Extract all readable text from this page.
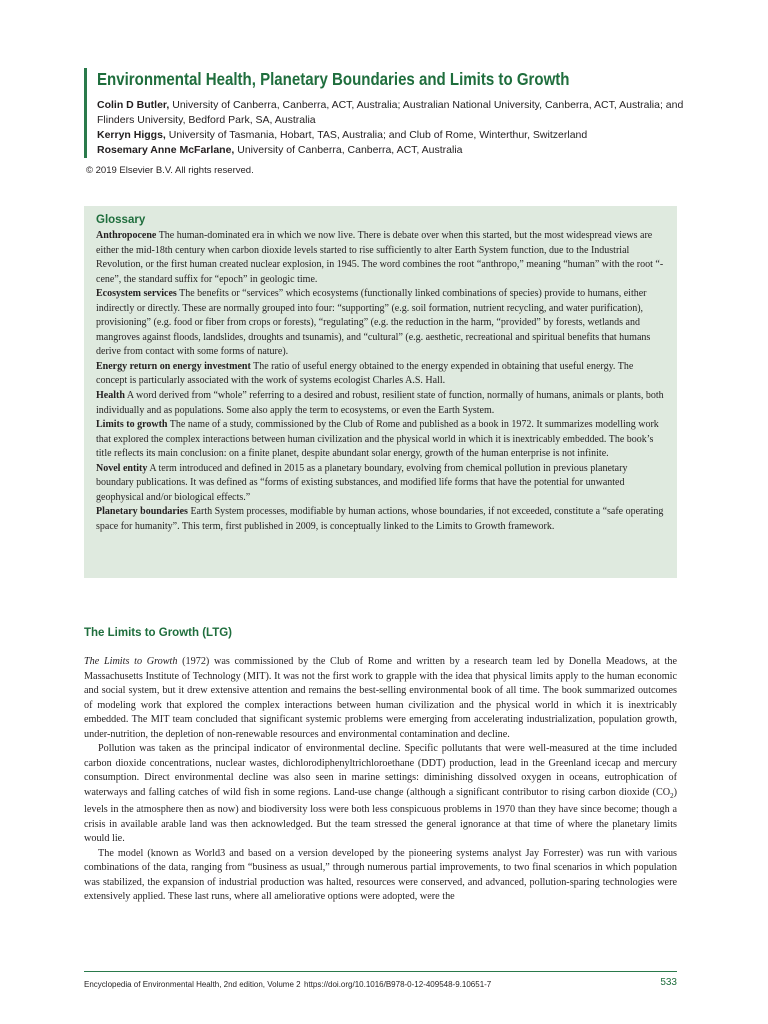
Environmental Health, Planetary Boundaries and Limits to Growth

Colin D Butler, University of Canberra, Canberra, ACT, Australia; Australian National University, Canberra, ACT, Australia; and Flinders University, Bedford Park, SA, Australia

Kerryn Higgs, University of Tasmania, Hobart, TAS, Australia; and Club of Rome, Winterthur, Switzerland

Rosemary Anne McFarlane, University of Canberra, Canberra, ACT, Australia

© 2019 Elsevier B.V. All rights reserved.
Glossary

Anthropocene The human-dominated era in which we now live. There is debate over when this started, but the most widespread views are either the mid-18th century when carbon dioxide levels started to rise sufficiently to alter Earth System function, due to the Industrial Revolution, or the first human created nuclear explosion, in 1945. The word combines the root “anthropo,” meaning “human” with the root “-cene”, the standard suffix for “epoch” in geologic time.

Ecosystem services The benefits or “services” which ecosystems (functionally linked combinations of species) provide to humans, either indirectly or directly. These are normally grouped into four: “supporting” (e.g. soil formation, nutrient recycling, and water purification), provisioning” (e.g. food or fiber from crops or forests), “regulating” (e.g. the reduction in the harm, “provided” by forests, wetlands and mangroves against floods, landslides, droughts and tsunamis), and “cultural” (e.g. aesthetic, recreational and spiritual benefits that humans derive from contact with some forms of nature).

Energy return on energy investment The ratio of useful energy obtained to the energy expended in obtaining that useful energy. The concept is particularly associated with the work of systems ecologist Charles A.S. Hall.

Health A word derived from “whole” referring to a desired and robust, resilient state of function, normally of humans, animals or plants, both individually and as populations. Some also apply the term to ecosystems, or even the Earth System.

Limits to growth The name of a study, commissioned by the Club of Rome and published as a book in 1972. It summarizes modelling work that explored the complex interactions between human civilization and the physical world in which it is inextricably embedded. The book’s title reflects its main conclusion: on a finite planet, despite abundant solar energy, growth of the human enterprise is not infinite.

Novel entity A term introduced and defined in 2015 as a planetary boundary, evolving from chemical pollution in previous planetary boundary publications. It was defined as “forms of existing substances, and modified life forms that have the potential for unwanted geophysical and/or biological effects.”

Planetary boundaries Earth System processes, modifiable by human actions, whose boundaries, if not exceeded, constitute a “safe operating space for humanity”. This term, first published in 2009, is conceptually linked to the Limits to Growth framework.

The Limits to Growth (LTG)

The Limits to Growth (1972) was commissioned by the Club of Rome and written by a research team led by Donella Meadows, at the Massachusetts Institute of Technology (MIT). It was not the first work to grapple with the idea that physical limits apply to the human economic and social system, but it drew extensive attention and remains the best-selling environmental book of all time. The book summarized outcomes of modeling work that explored the complex interactions between human civilization and the physical world in which it is inextricably embedded. The MIT team concluded that significant systemic problems were emerging from accelerating industrialization, population growth, under-nutrition, the depletion of non-renewable resources and environmental contamination and decline.

Pollution was taken as the principal indicator of environmental decline. Specific pollutants that were well-measured at the time included carbon dioxide concentrations, nuclear wastes, dichlorodiphenyltrichloroethane (DDT) production, lead in the Greenland icecap and mercury consumption. Direct environmental decline was also seen in marine settings: diminishing dissolved oxygen in oceans, eutrophication of waterways and falling catches of wild fish in some regions. Land-use change (although a significant contributor to rising carbon dioxide $(CO_2)$ levels in the atmosphere then as now) and biodiversity loss were both less conspicuous problems in 1970 than they have since become; though a crisis in available arable land was then acknowledged. But the team stressed the general ignorance at that time of where the planetary limits would lie.

The model (known as World3 and based on a version developed by the pioneering systems analyst Jay Forrester) was run with various combinations of the data, ranging from “business as usual,” through numerous partial improvements, to two final scenarios in which population was stabilized, the expansion of industrial production was halted, resources were conserved, and advanced, pollution-sparing technologies were extensively applied. These last runs, where all ameliorative options were adopted, were the

Encyclopedia of Environmental Health, 2nd edition, Volume 2 https://doi.org/10.1016/B978-0-12-409548-9.10651-7	533
